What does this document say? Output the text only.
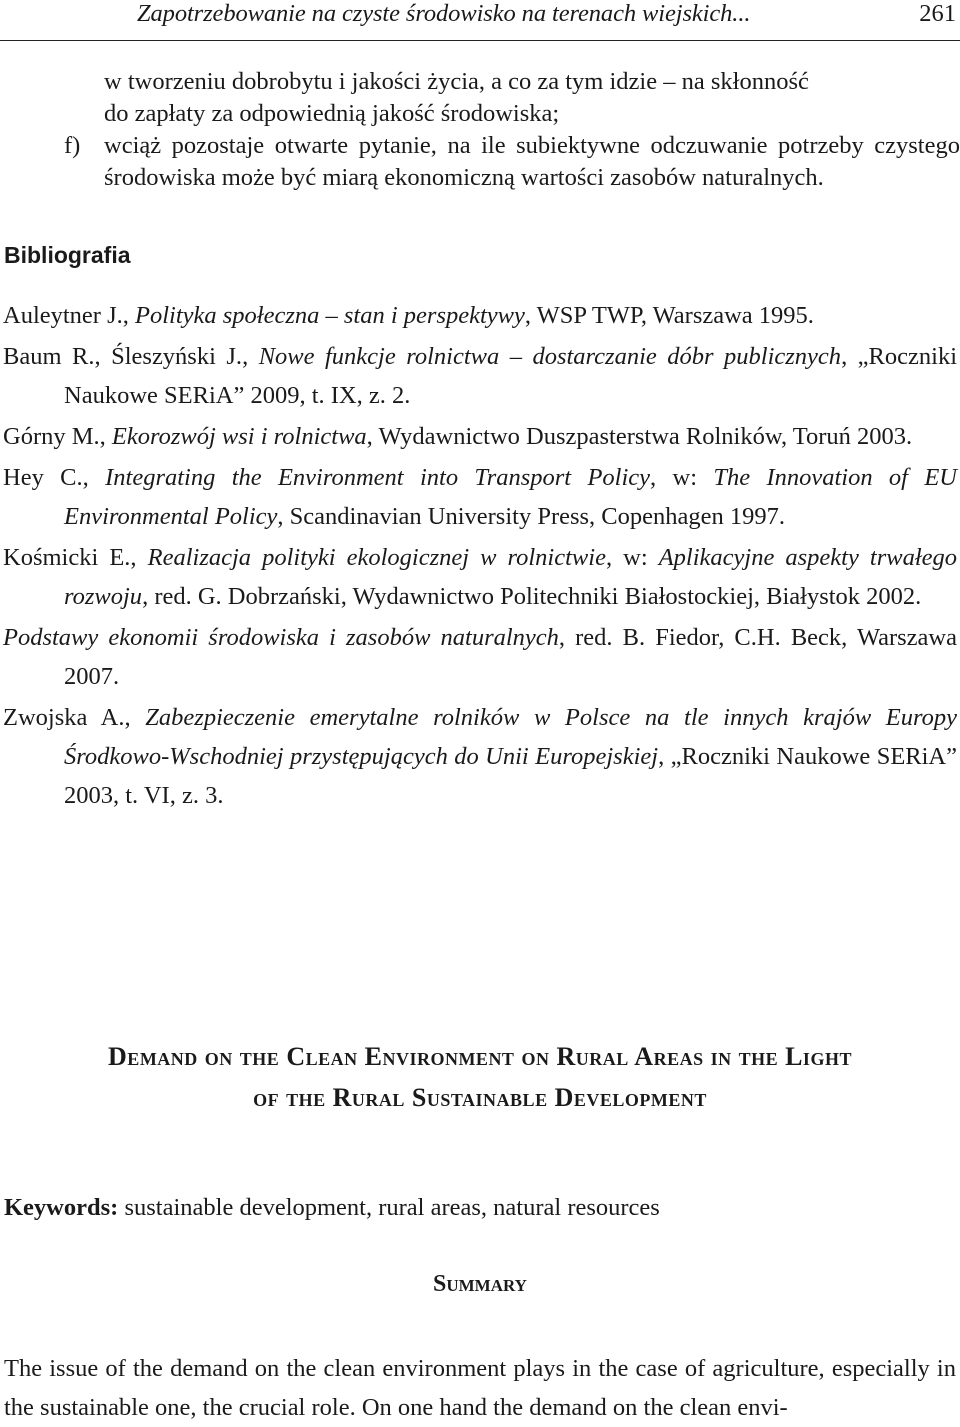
Zapotrzebowanie na czyste środowisko na terenach wiejskich...	261

w tworzeniu dobrobytu i jakości życia, a co za tym idzie – na skłonność

do zapłaty za odpowiednią jakość środowiska;

f) wciąż pozostaje otwarte pytanie, na ile subiektywne odczuwanie potrzeby czystego środowiska może być miarą ekonomiczną wartości zasobów naturalnych.

Bibliografia
Auleytner J., Polityka społeczna – stan i perspektywy, WSP TWP, Warszawa 1995.
Baum R., Śleszyński J., Nowe funkcje rolnictwa – dostarczanie dóbr publicznych, „Roczniki Naukowe SERiA” 2009, t. IX, z. 2.
Górny M., Ekorozwój wsi i rolnictwa, Wydawnictwo Duszpasterstwa Rolników, Toruń 2003.
Hey C., Integrating the Environment into Transport Policy, w: The Innovation of EU Environmental Policy, Scandinavian University Press, Copenhagen 1997.
Kośmicki E., Realizacja polityki ekologicznej w rolnictwie, w: Aplikacyjne aspekty trwałego rozwoju, red. G. Dobrzański, Wydawnictwo Politechniki Białostockiej, Białystok 2002.
Podstawy ekonomii środowiska i zasobów naturalnych, red. B. Fiedor, C.H. Beck, Warszawa 2007.
Zwojska A., Zabezpieczenie emerytalne rolników w Polsce na tle innych krajów Europy Środkowo-Wschodniej przystępujących do Unii Europejskiej, „Roczniki Naukowe SERiA” 2003, t. VI, z. 3.

Demand on the Clean Environment on Rural Areas in the Light

of the Rural Sustainable Development

Keywords: sustainable development, rural areas, natural resources
Summary

The issue of the demand on the clean environment plays in the case of agriculture, especially in the sustainable one, the crucial role. On one hand the demand on the clean envi-
